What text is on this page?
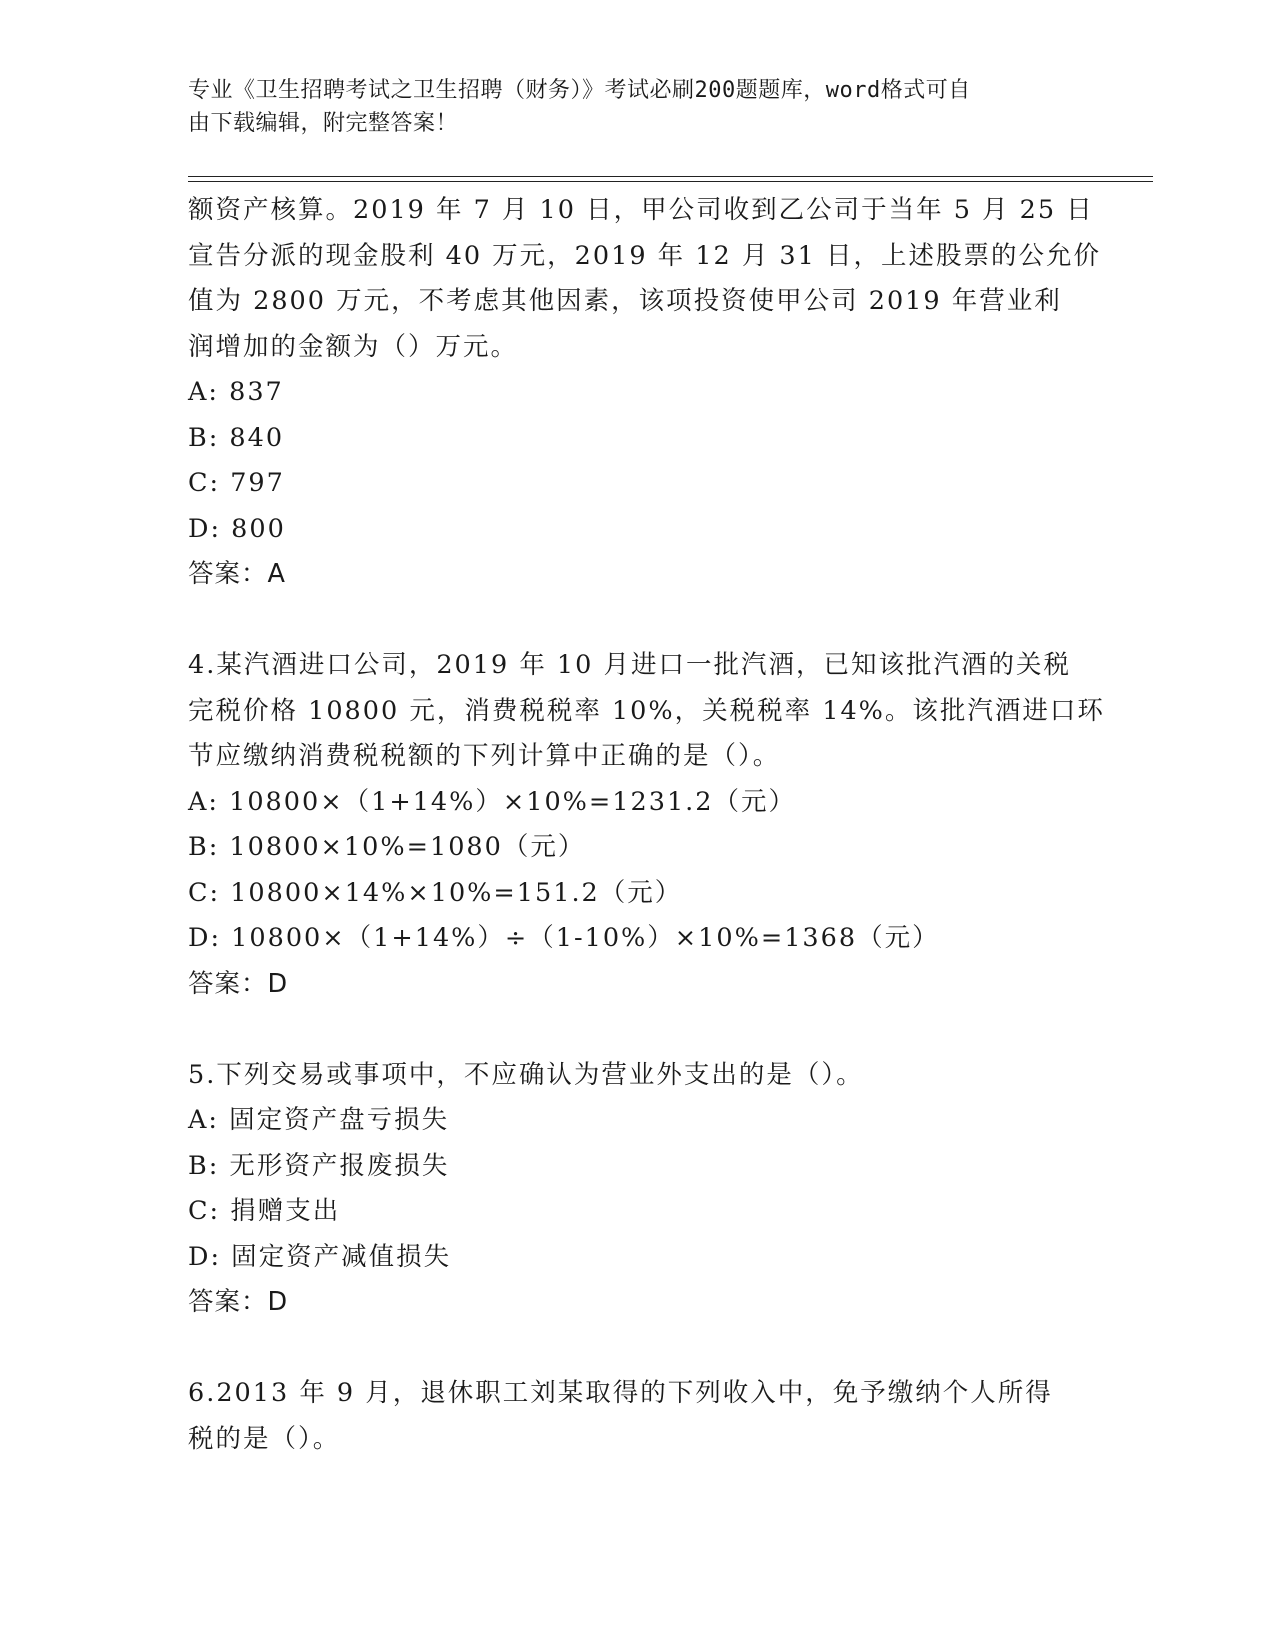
专业《卫生招聘考试之卫生招聘（财务）》考试必刷200题题库，word格式可自
由下载编辑，附完整答案！
额资产核算。2019 年 7 月 10 日，甲公司收到乙公司于当年 5 月 25 日
宣告分派的现金股利 40 万元，2019 年 12 月 31 日，上述股票的公允价
值为 2800 万元，不考虑其他因素，该项投资使甲公司 2019 年营业利
润增加的金额为（）万元。
A: 837
B: 840
C: 797
D: 800
答案：A
4.某汽酒进口公司，2019 年 10 月进口一批汽酒，已知该批汽酒的关税
完税价格 10800 元，消费税税率 10%，关税税率 14%。该批汽酒进口环
节应缴纳消费税税额的下列计算中正确的是（）。
A: 10800×（1+14%）×10%=1231.2（元）
B: 10800×10%=1080（元）
C: 10800×14%×10%=151.2（元）
D: 10800×（1+14%）÷（1-10%）×10%=1368（元）
答案：D
5.下列交易或事项中，不应确认为营业外支出的是（）。
A: 固定资产盘亏损失
B: 无形资产报废损失
C: 捐赠支出
D: 固定资产减值损失
答案：D
6.2013 年 9 月，退休职工刘某取得的下列收入中，免予缴纳个人所得
税的是（）。
